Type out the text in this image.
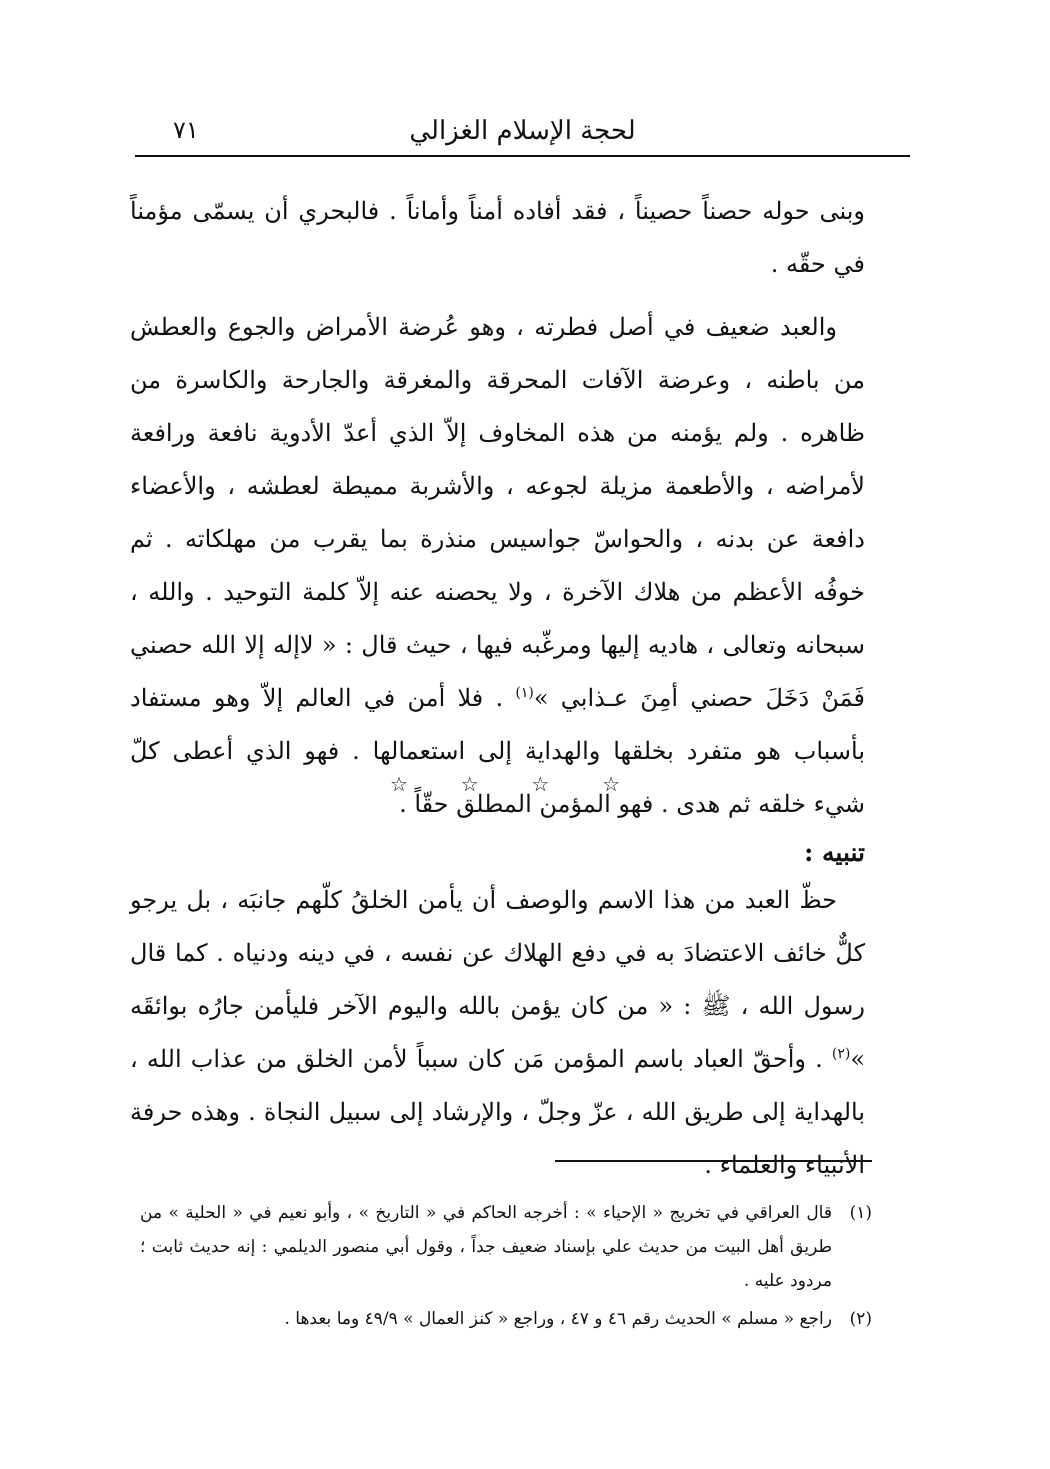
لحجة الإسلام الغزالي
٧١
وبنى حوله حصناً حصيناً ، فقد أفاده أمناً وأماناً . فالبحري أن يسمّى مؤمناً في حقّه .
والعبد ضعيف في أصل فطرته ، وهو عُرضة الأمراض والجوع والعطش من باطنه ، وعرضة الآفات المحرقة والمغرقة والجارحة والكاسرة من ظاهره . ولم يؤمنه من هذه المخاوف إلاّ الذي أعدّ الأدوية نافعة ورافعة لأمراضه ، والأطعمة مزيلة لجوعه ، والأشربة مميطة لعطشه ، والأعضاء دافعة عن بدنه ، والحواسّ جواسيس منذرة بما يقرب من مهلكاته . ثم خوفُه الأعظم من هلاك الآخرة ، ولا يحصنه عنه إلاّ كلمة التوحيد . والله ، سبحانه وتعالى ، هاديه إليها ومرغّبه فيها ، حيث قال : « لاإله إلا الله حصني فَمَنْ دَخَلَ حصني أمِنَ عـذابي »$^{(١)}$ . فلا أمن في العالم إلاّ وهو مستفاد بأسباب هو متفرد بخلقها والهداية إلى استعمالها . فهو الذي أعطى كلّ شيء خلقه ثم هدى . فهو المؤمن المطلق حقّاً .
☆	☆	☆	☆
تنبيه :
حظّ العبد من هذا الاسم والوصف أن يأمن الخلقُ كلّهم جانبَه ، بل يرجو كلٌّ خائف الاعتضادَ به في دفع الهلاك عن نفسه ، في دينه ودنياه . كما قال رسول الله ، ﷺ : « من كان يؤمن بالله واليوم الآخر فليأمن جارُه بوائقَه »$^{(٢)}$ . وأحقّ العباد باسم المؤمن مَن كان سبباً لأمن الخلق من عذاب الله ، بالهداية إلى طريق الله ، عزّ وجلّ ، والإرشاد إلى سبيل النجاة . وهذه حرفة الأنبياء والعلماء .
(١)
قال العراقي في تخريج « الإحياء » : أخرجه الحاكم في « التاريخ » ، وأبو نعيم في « الحلية » من طريق أهل البيت من حديث علي بإسناد ضعيف جداً ، وقول أبي منصور الديلمي : إنه حديث ثابت ؛ مردود عليه .
(٢)
راجع « مسلم » الحديث رقم ٤٦ و ٤٧ ، وراجع « كنز العمال » ٤٩/٩ وما بعدها .
